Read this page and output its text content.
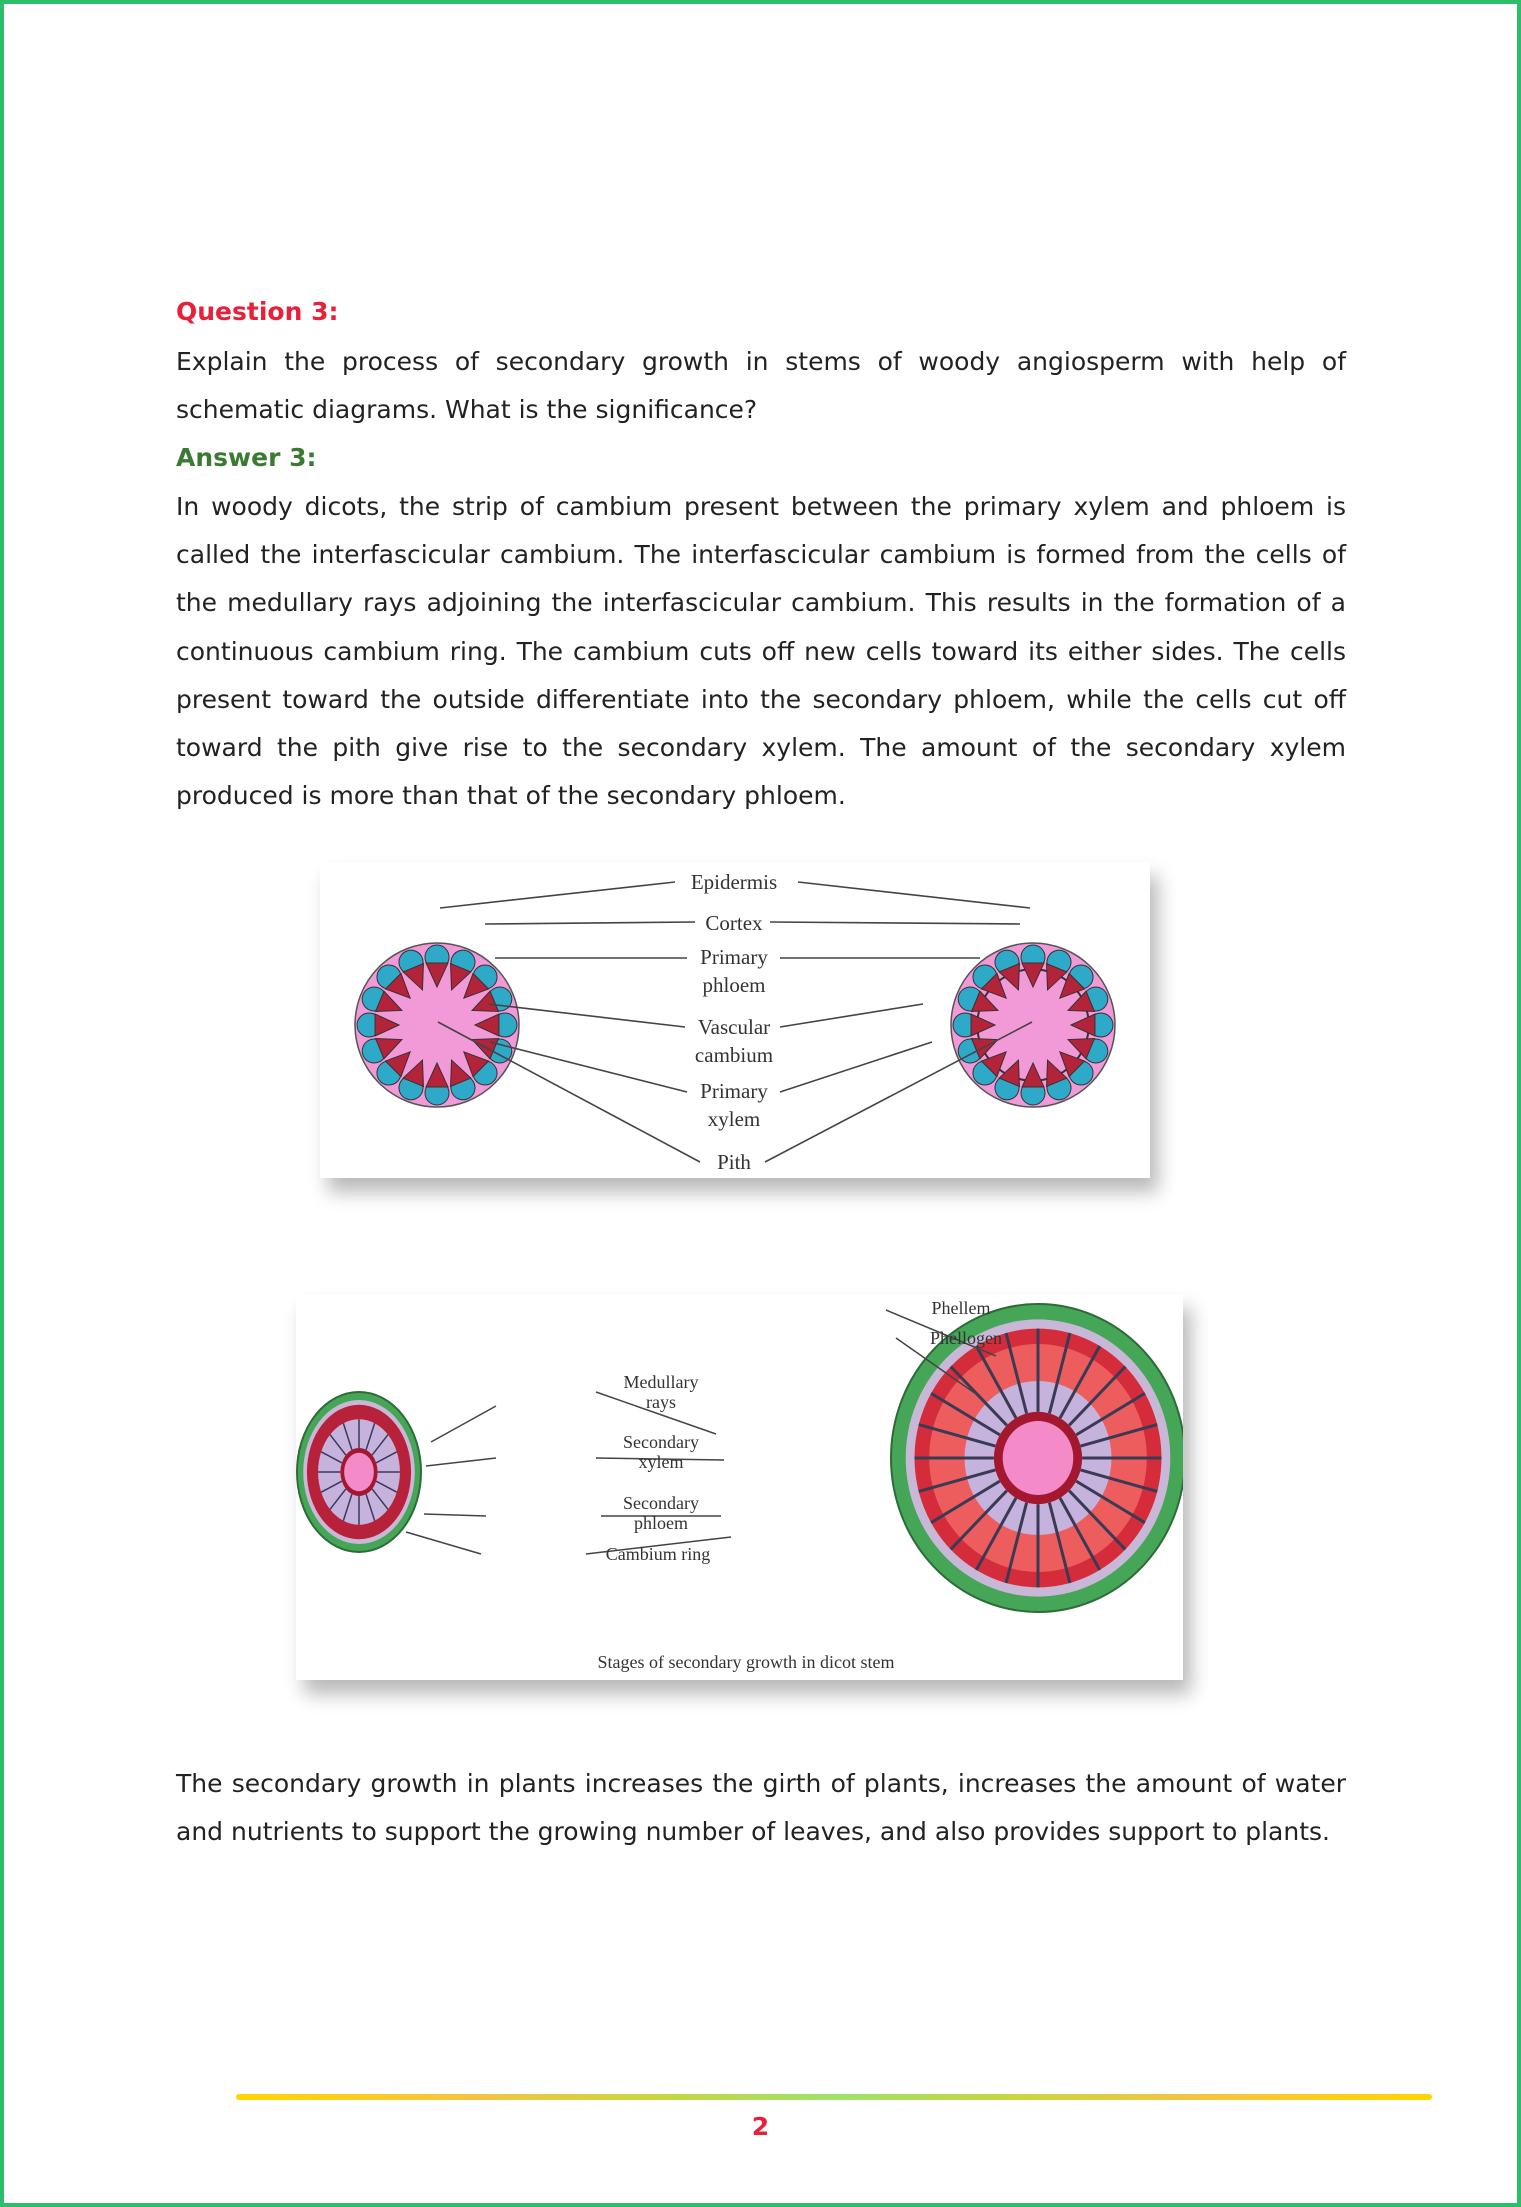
Question 3:
Explain the process of secondary growth in stems of woody angiosperm with help of schematic diagrams. What is the significance?
Answer 3:
In woody dicots, the strip of cambium present between the primary xylem and phloem is called the interfascicular cambium. The interfascicular cambium is formed from the cells of the medullary rays adjoining the interfascicular cambium. This results in the formation of a continuous cambium ring. The cambium cuts off new cells toward its either sides. The cells present toward the outside differentiate into the secondary phloem, while the cells cut off toward the pith give rise to the secondary xylem. The amount of the secondary xylem produced is more than that of the secondary phloem.
Epidermis
Cortex
Primary
phloem
Vascular
cambium
Primary
xylem
Pith
Phellem
Phellogen
Medullary
rays
Secondary
xylem
Secondary
phloem
Cambium ring
Stages of secondary growth in dicot stem
The secondary growth in plants increases the girth of plants, increases the amount of water and nutrients to support the growing number of leaves, and also provides support to plants.
2
